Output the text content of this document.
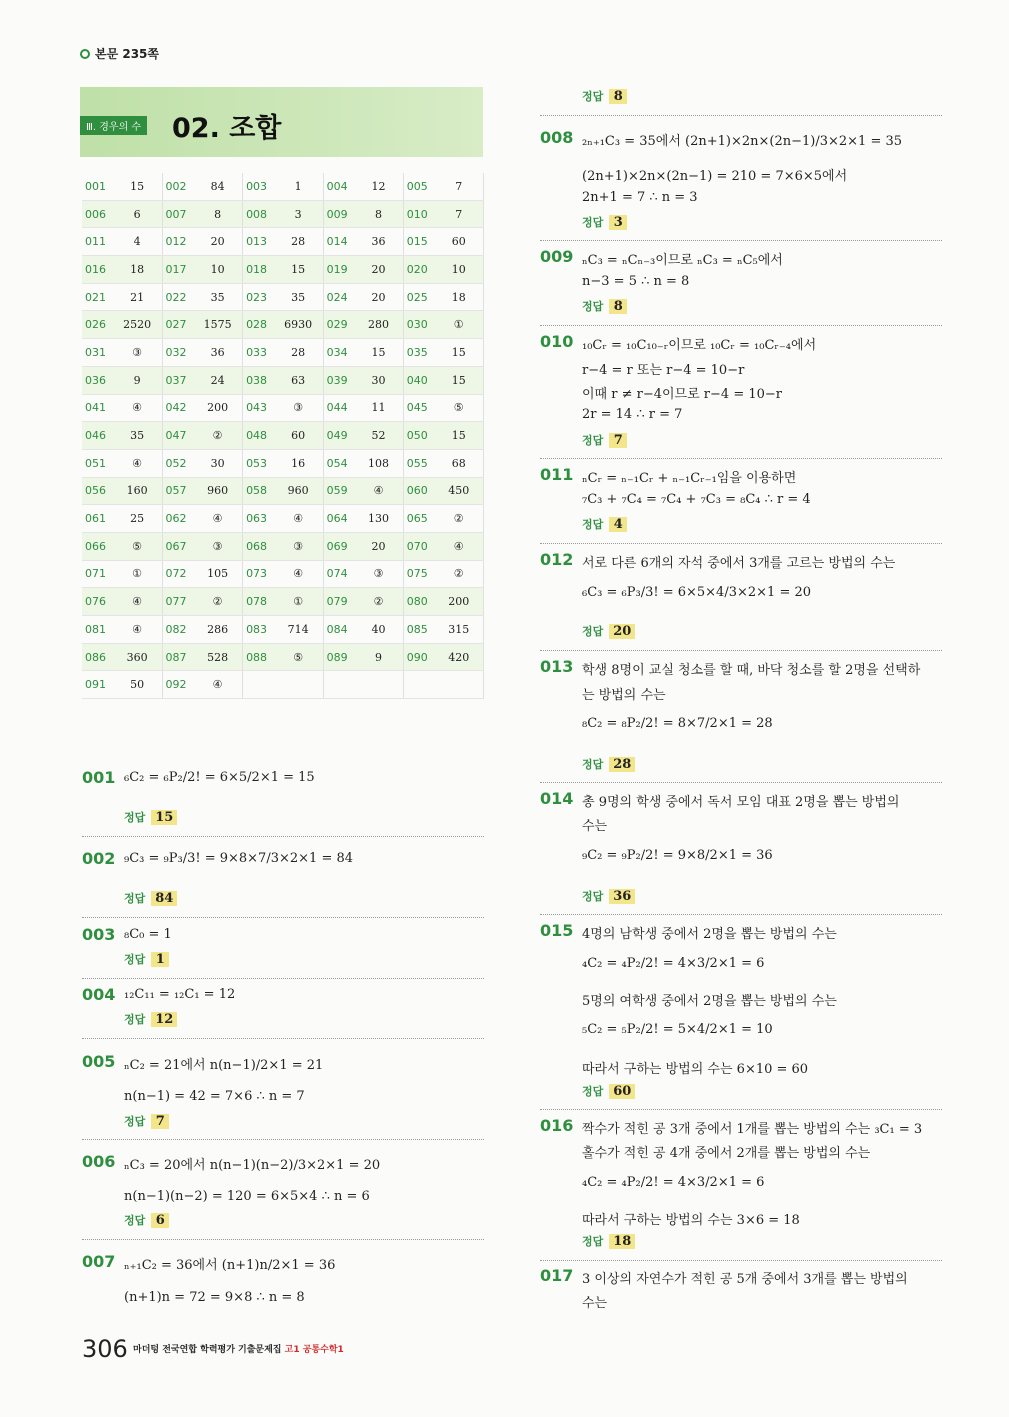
본문 235쪽
Ⅲ. 경우의 수 02. 조합
001	15	002	84	003	1	004	12	005	7
006	6	007	8	008	3	009	8	010	7
011	4	012	20	013	28	014	36	015	60
016	18	017	10	018	15	019	20	020	10
021	21	022	35	023	35	024	20	025	18
026	2520	027	1575	028	6930	029	280	030	①
031	③	032	36	033	28	034	15	035	15
036	9	037	24	038	63	039	30	040	15
041	④	042	200	043	③	044	11	045	⑤
046	35	047	②	048	60	049	52	050	15
051	④	052	30	053	16	054	108	055	68
056	160	057	960	058	960	059	④	060	450
061	25	062	④	063	④	064	130	065	②
066	⑤	067	③	068	③	069	20	070	④
071	①	072	105	073	④	074	③	075	②
076	④	077	②	078	①	079	②	080	200
081	④	082	286	083	714	084	40	085	315
086	360	087	528	088	⑤	089	9	090	420
091	50	092	④						
001 ₆C₂ = ₆P₂/2! = 6×5/2×1 = 15
정답 15
002 ₉C₃ = ₉P₃/3! = 9×8×7/3×2×1 = 84
정답 84
003 ₈C₀ = 1
정답 1
004 ₁₂C₁₁ = ₁₂C₁ = 12
정답 12
005 ₙC₂ = 21에서 n(n−1)/2×1 = 21
n(n−1) = 42 = 7×6 ∴ n = 7
정답 7
006 ₙC₃ = 20에서 n(n−1)(n−2)/3×2×1 = 20
n(n−1)(n−2) = 120 = 6×5×4 ∴ n = 6
정답 6
007 ₙ₊₁C₂ = 36에서 (n+1)n/2×1 = 36
(n+1)n = 72 = 9×8 ∴ n = 8
008 ₂ₙ₊₁C₃ = 35에서 (2n+1)×2n×(2n−1)/3×2×1 = 35
(2n+1)×2n×(2n−1) = 210 = 7×6×5에서
2n+1 = 7 ∴ n = 3
정답 3
009 ₙC₃ = ₙCₙ₋₃이므로 ₙC₃ = ₙC₅에서
n−3 = 5 ∴ n = 8
정답 8
010 ₁₀Cᵣ = ₁₀C₁₀₋ᵣ이므로 ₁₀Cᵣ = ₁₀Cᵣ₋₄에서
r−4 = r 또는 r−4 = 10−r
이때 r ≠ r−4이므로 r−4 = 10−r
2r = 14 ∴ r = 7
정답 7
011 ₙCᵣ = ₙ₋₁Cᵣ + ₙ₋₁Cᵣ₋₁임을 이용하면
₇C₃ + ₇C₄ = ₇C₄ + ₇C₃ = ₈C₄ ∴ r = 4
정답 4
012 서로 다른 6개의 자석 중에서 3개를 고르는 방법의 수는
₆C₃ = ₆P₃/3! = 6×5×4/3×2×1 = 20
정답 20
013 학생 8명이 교실 청소를 할 때, 바닥 청소를 할 2명을 선택하
는 방법의 수는
₈C₂ = ₈P₂/2! = 8×7/2×1 = 28
정답 28
014 총 9명의 학생 중에서 독서 모임 대표 2명을 뽑는 방법의
수는
₉C₂ = ₉P₂/2! = 9×8/2×1 = 36
정답 36
015 4명의 남학생 중에서 2명을 뽑는 방법의 수는
₄C₂ = ₄P₂/2! = 4×3/2×1 = 6
5명의 여학생 중에서 2명을 뽑는 방법의 수는
₅C₂ = ₅P₂/2! = 5×4/2×1 = 10
따라서 구하는 방법의 수는 6×10 = 60
정답 60
016 짝수가 적힌 공 3개 중에서 1개를 뽑는 방법의 수는 ₃C₁ = 3
홀수가 적힌 공 4개 중에서 2개를 뽑는 방법의 수는
₄C₂ = ₄P₂/2! = 4×3/2×1 = 6
따라서 구하는 방법의 수는 3×6 = 18
정답 18
017 3 이상의 자연수가 적힌 공 5개 중에서 3개를 뽑는 방법의
수는
정답 8
306 마더텅 전국연합 학력평가 기출문제집 고1 공통수학1
